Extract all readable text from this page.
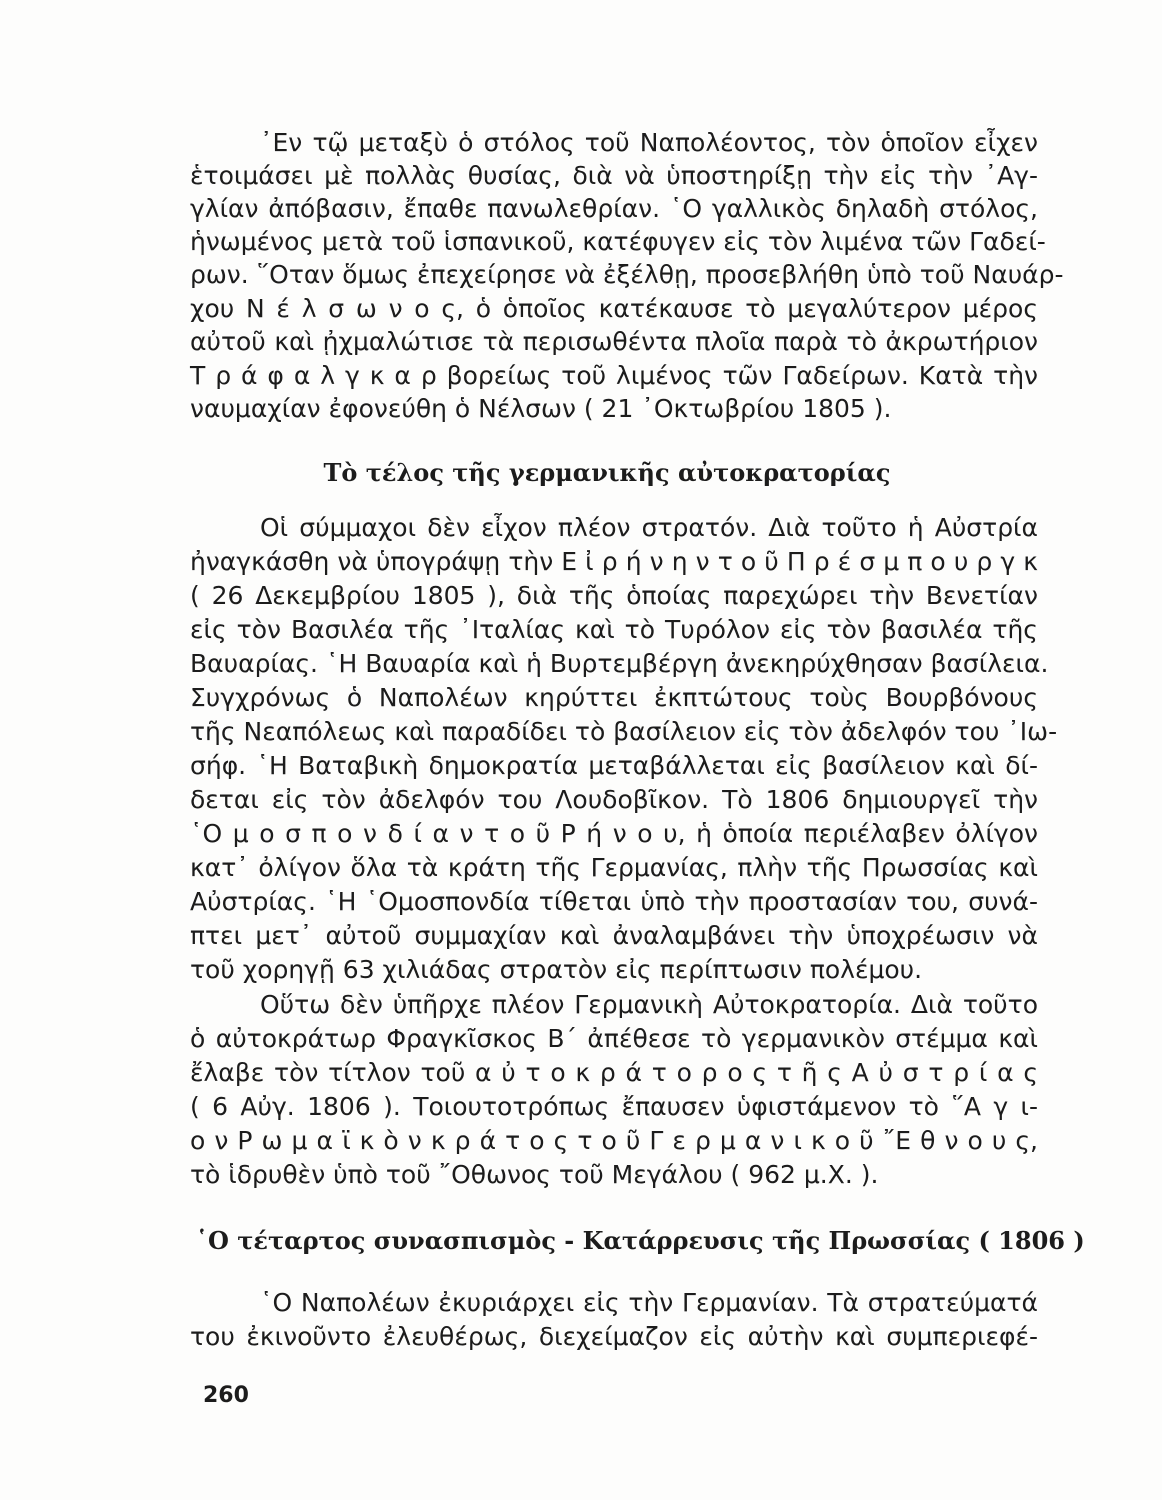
᾿Εν τῷ μεταξὺ ὁ στόλος τοῦ Ναπολέοντος, τὸν ὁποῖον εἶχεν
ἑτοιμάσει μὲ πολλὰς θυσίας, διὰ νὰ ὑποστηρίξῃ τὴν εἰς τὴν ᾿Αγ-
γλίαν ἀπόβασιν, ἔπαθε πανωλεθρίαν. ῾Ο γαλλικὸς δηλαδὴ στόλος,
ἡνωμένος μετὰ τοῦ ἱσπανικοῦ, κατέφυγεν εἰς τὸν λιμένα τῶν Γαδεί-
ρων. ῞Οταν ὅμως ἐπεχείρησε νὰ ἐξέλθῃ, προσεβλήθη ὑπὸ τοῦ Ναυάρ-
χου Ν έ λ σ ω ν ο ς, ὁ ὁποῖος κατέκαυσε τὸ μεγαλύτερον μέρος
αὐτοῦ καὶ ᾐχμαλώτισε τὰ περισωθέντα πλοῖα παρὰ τὸ ἀκρωτήριον
Τ ρ ά φ α λ γ κ α ρ βορείως τοῦ λιμένος τῶν Γαδείρων. Κατὰ τὴν
ναυμαχίαν ἐφονεύθη ὁ Νέλσων ( 21 ᾿Οκτωβρίου 1805 ).
Τὸ τέλος τῆς γερμανικῆς αὐτοκρατορίας
Οἱ σύμμαχοι δὲν εἶχον πλέον στρατόν. Διὰ τοῦτο ἡ Αὐστρία
ἠναγκάσθη νὰ ὑπογράψῃ τὴν Ε ἰ ρ ή ν η ν τ ο ῦ Π ρ έ σ μ π ο υ ρ γ κ
( 26 Δεκεμβρίου 1805 ), διὰ τῆς ὁποίας παρεχώρει τὴν Βενετίαν
εἰς τὸν Βασιλέα τῆς ᾿Ιταλίας καὶ τὸ Τυρόλον εἰς τὸν βασιλέα τῆς
Βαυαρίας. ῾Η Βαυαρία καὶ ἡ Βυρτεμβέργη ἀνεκηρύχθησαν βασίλεια.
Συγχρόνως ὁ Ναπολέων κηρύττει ἐκπτώτους τοὺς Βουρβόνους
τῆς Νεαπόλεως καὶ παραδίδει τὸ βασίλειον εἰς τὸν ἀδελφόν του ᾿Ιω-
σήφ. ῾Η Βαταβικὴ δημοκρατία μεταβάλλεται εἰς βασίλειον καὶ δί-
δεται εἰς τὸν ἀδελφόν του Λουδοβῖκον. Τὸ 1806 δημιουργεῖ τὴν
῾Ο μ ο σ π ο ν δ ί α ν τ ο ῦ Ρ ή ν ο υ, ἡ ὁποία περιέλαβεν ὀλίγον
κατ᾿ ὀλίγον ὅλα τὰ κράτη τῆς Γερμανίας, πλὴν τῆς Πρωσσίας καὶ
Αὐστρίας. ῾Η ῾Ομοσπονδία τίθεται ὑπὸ τὴν προστασίαν του, συνά-
πτει μετ᾿ αὐτοῦ συμμαχίαν καὶ ἀναλαμβάνει τὴν ὑποχρέωσιν νὰ
τοῦ χορηγῇ 63 χιλιάδας στρατὸν εἰς περίπτωσιν πολέμου.
Οὕτω δὲν ὑπῆρχε πλέον Γερμανικὴ Αὐτοκρατορία. Διὰ τοῦτο
ὁ αὐτοκράτωρ Φραγκῖσκος Β΄ ἀπέθεσε τὸ γερμανικὸν στέμμα καὶ
ἔλαβε τὸν τίτλον τοῦ α ὐ τ ο κ ρ ά τ ο ρ ο ς τ ῆ ς Α ὐ σ τ ρ ί α ς
( 6 Αὐγ. 1806 ). Τοιουτοτρόπως ἔπαυσεν ὑφιστάμενον τὸ ῞Α γ ι-
ο ν Ρ ω μ α ϊ κ ὸ ν κ ρ ά τ ο ς τ ο ῦ Γ ε ρ μ α ν ι κ ο ῦ ῎Ε θ ν ο υ ς,
τὸ ἱδρυθὲν ὑπὸ τοῦ ῎Οθωνος τοῦ Μεγάλου ( 962 μ.Χ. ).
῾Ο τέταρτος συνασπισμὸς - Κατάρρευσις τῆς Πρωσσίας ( 1806 )
῾Ο Ναπολέων ἐκυριάρχει εἰς τὴν Γερμανίαν. Τὰ στρατεύματά
του ἐκινοῦντο ἐλευθέρως, διεχείμαζον εἰς αὐτὴν καὶ συμπεριεφέ-
260
